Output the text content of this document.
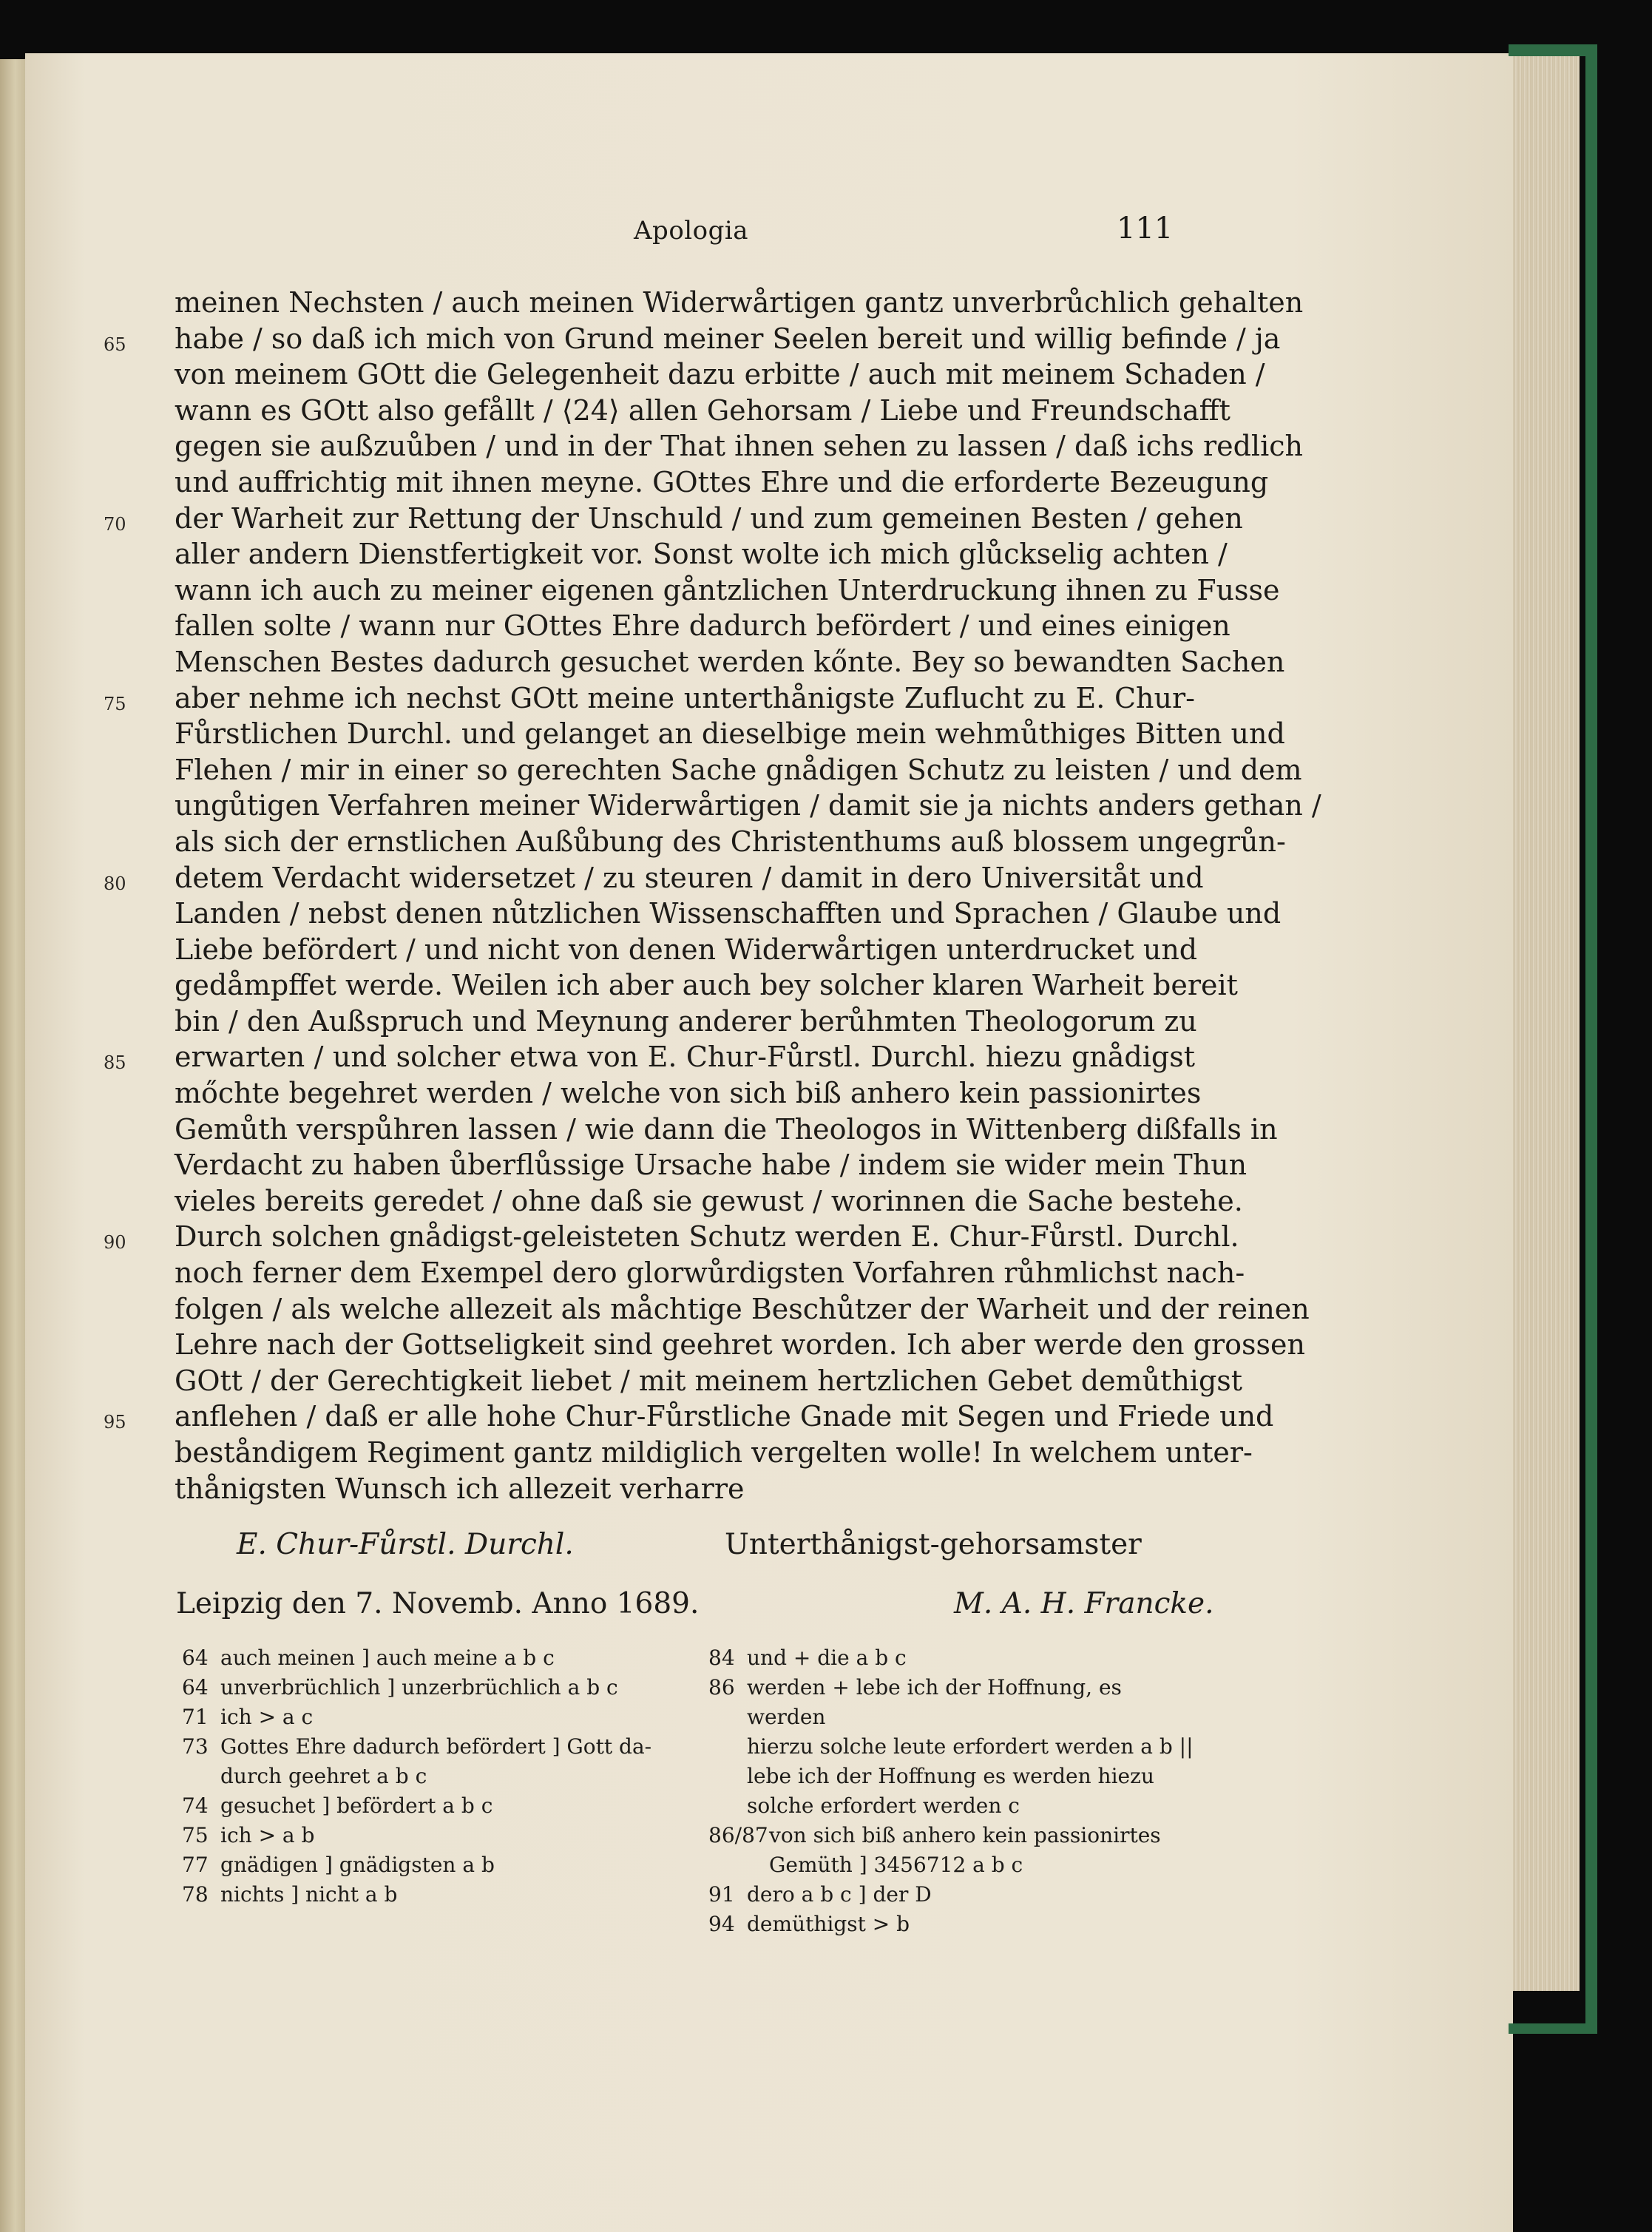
Apologia	111
meinen Nechsten / auch meinen Widerwårtigen gantz unverbrůchlich gehalten
65 habe / so daß ich mich von Grund meiner Seelen bereit und willig befinde / ja
von meinem GOtt die Gelegenheit dazu erbitte / auch mit meinem Schaden /
wann es GOtt also gefållt / ⟨24⟩ allen Gehorsam / Liebe und Freundschafft
gegen sie außzuůben / und in der That ihnen sehen zu lassen / daß ichs redlich
und auffrichtig mit ihnen meyne. GOttes Ehre und die erforderte Bezeugung
70 der Warheit zur Rettung der Unschuld / und zum gemeinen Besten / gehen
aller andern Dienstfertigkeit vor. Sonst wolte ich mich glůckselig achten /
wann ich auch zu meiner eigenen gåntzlichen Unterdruckung ihnen zu Fusse
fallen solte / wann nur GOttes Ehre dadurch befördert / und eines einigen
Menschen Bestes dadurch gesuchet werden kőnte. Bey so bewandten Sachen
75 aber nehme ich nechst GOtt meine unterthånigste Zuflucht zu E. Chur-
Fůrstlichen Durchl. und gelanget an dieselbige mein wehmůthiges Bitten und
Flehen / mir in einer so gerechten Sache gnådigen Schutz zu leisten / und dem
ungůtigen Verfahren meiner Widerwårtigen / damit sie ja nichts anders gethan /
als sich der ernstlichen Außůbung des Christenthums auß blossem ungegrůn-
80 detem Verdacht widersetzet / zu steuren / damit in dero Universitåt und
Landen / nebst denen nůtzlichen Wissenschafften und Sprachen / Glaube und
Liebe befördert / und nicht von denen Widerwårtigen unterdrucket und
gedåmpffet werde. Weilen ich aber auch bey solcher klaren Warheit bereit
bin / den Außspruch und Meynung anderer berůhmten Theologorum zu
85 erwarten / und solcher etwa von E. Chur-Fůrstl. Durchl. hiezu gnådigst
mőchte begehret werden / welche von sich biß anhero kein passionirtes
Gemůth verspůhren lassen / wie dann die Theologos in Wittenberg dißfalls in
Verdacht zu haben ůberflůssige Ursache habe / indem sie wider mein Thun
vieles bereits geredet / ohne daß sie gewust / worinnen die Sache bestehe.
90 Durch solchen gnådigst-geleisteten Schutz werden E. Chur-Fůrstl. Durchl.
noch ferner dem Exempel dero glorwůrdigsten Vorfahren růhmlichst nach-
folgen / als welche allezeit als måchtige Beschůtzer der Warheit und der reinen
Lehre nach der Gottseligkeit sind geehret worden. Ich aber werde den grossen
GOtt / der Gerechtigkeit liebet / mit meinem hertzlichen Gebet demůthigst
95 anflehen / daß er alle hohe Chur-Fůrstliche Gnade mit Segen und Friede und
beståndigem Regiment gantz mildiglich vergelten wolle! In welchem unter-
thånigsten Wunsch ich allezeit verharre
E. Chur-Fůrstl. Durchl.	Unterthånigst-gehorsamster
Leipzig den 7. Novemb. Anno 1689.	M. A. H. Francke.
64 auch meinen ] auch meine a b c
64 unverbrüchlich ] unzerbrüchlich a b c
71 ich > a c
73 Gottes Ehre dadurch befördert ] Gott da-
durch geehret a b c
74 gesuchet ] befördert a b c
75 ich > a b
77 gnädigen ] gnädigsten a b
78 nichts ] nicht a b
84 und + die a b c
86 werden + lebe ich der Hoffnung, es werden
hierzu solche leute erfordert werden a b ||
lebe ich der Hoffnung es werden hiezu
solche erfordert werden c
86/87 von sich biß anhero kein passionirtes
Gemüth ] 3456712 a b c
91 dero a b c ] der D
94 demüthigst > b
